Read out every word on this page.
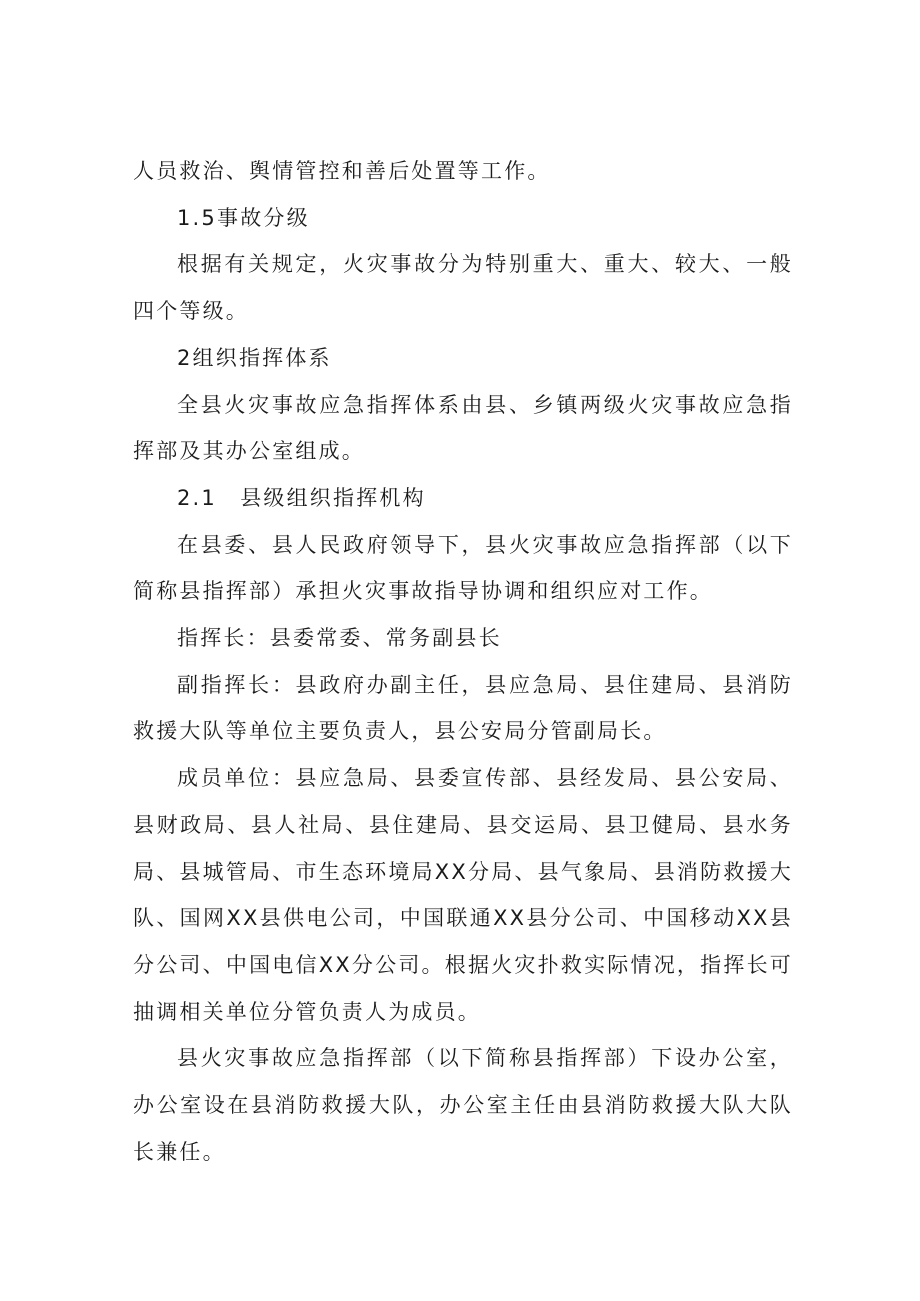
人员救治、舆情管控和善后处置等工作。

1.5事故分级

根据有关规定，火灾事故分为特别重大、重大、较大、一般四个等级。

2组织指挥体系

全县火灾事故应急指挥体系由县、乡镇两级火灾事故应急指挥部及其办公室组成。

2.1　县级组织指挥机构

在县委、县人民政府领导下，县火灾事故应急指挥部（以下简称县指挥部）承担火灾事故指导协调和组织应对工作。

指挥长：县委常委、常务副县长

副指挥长：县政府办副主任，县应急局、县住建局、县消防救援大队等单位主要负责人，县公安局分管副局长。

成员单位：县应急局、县委宣传部、县经发局、县公安局、县财政局、县人社局、县住建局、县交运局、县卫健局、县水务局、县城管局、市生态环境局XX分局、县气象局、县消防救援大队、国网XX县供电公司，中国联通XX县分公司、中国移动XX县分公司、中国电信XX分公司。根据火灾扑救实际情况，指挥长可抽调相关单位分管负责人为成员。

县火灾事故应急指挥部（以下简称县指挥部）下设办公室，办公室设在县消防救援大队，办公室主任由县消防救援大队大队长兼任。
